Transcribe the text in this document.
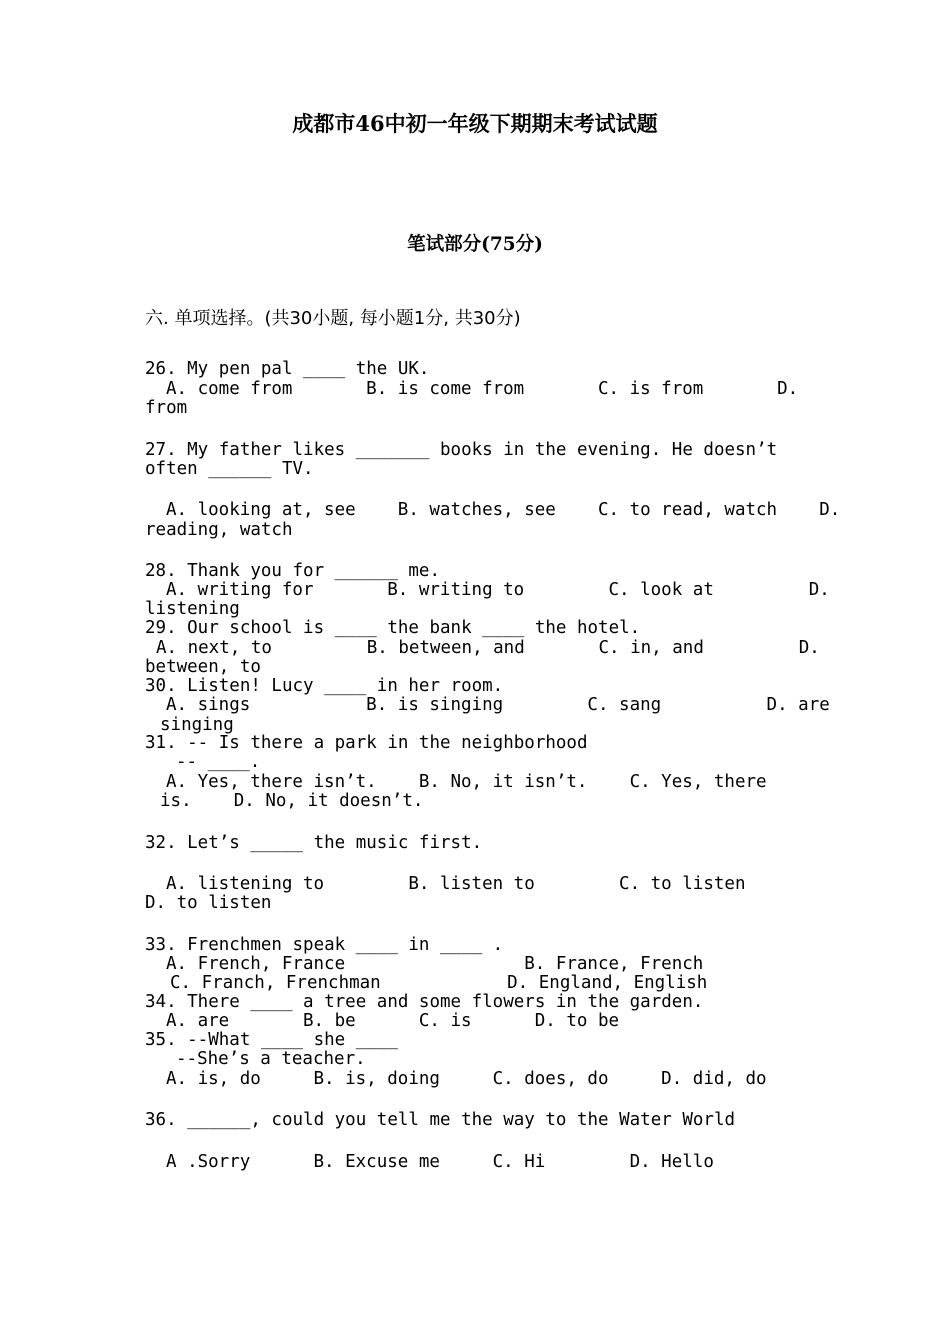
成都市46中初一年级下期期末考试试题
笔试部分(75分)
六. 单项选择。(共30小题, 每小题1分, 共30分)
26. My pen pal ____ the UK.
A. come from       B. is come from       C. is from       D.
from
27. My father likes _______ books in the evening. He doesn’t
often ______ TV.
A. looking at, see    B. watches, see    C. to read, watch    D.
reading, watch
28. Thank you for ______ me.
A. writing for       B. writing to        C. look at         D.
listening
29. Our school is ____ the bank ____ the hotel.
A. next, to         B. between, and       C. in, and         D.
between, to
30. Listen! Lucy ____ in her room.
A. sings           B. is singing        C. sang          D. are
singing
31. -- Is there a park in the neighborhood
-- ____.
A. Yes, there isn’t.    B. No, it isn’t.    C. Yes, there
is.    D. No, it doesn’t.
32. Let’s _____ the music first.
A. listening to        B. listen to        C. to listen
D. to listen
33. Frenchmen speak ____ in ____ .
A. French, France                 B. France, French
C. Franch, Frenchman            D. England, English
34. There ____ a tree and some flowers in the garden.
A. are       B. be      C. is      D. to be
35. --What ____ she ____
--She’s a teacher.
A. is, do     B. is, doing     C. does, do     D. did, do
36. ______, could you tell me the way to the Water World
A .Sorry      B. Excuse me     C. Hi        D. Hello
